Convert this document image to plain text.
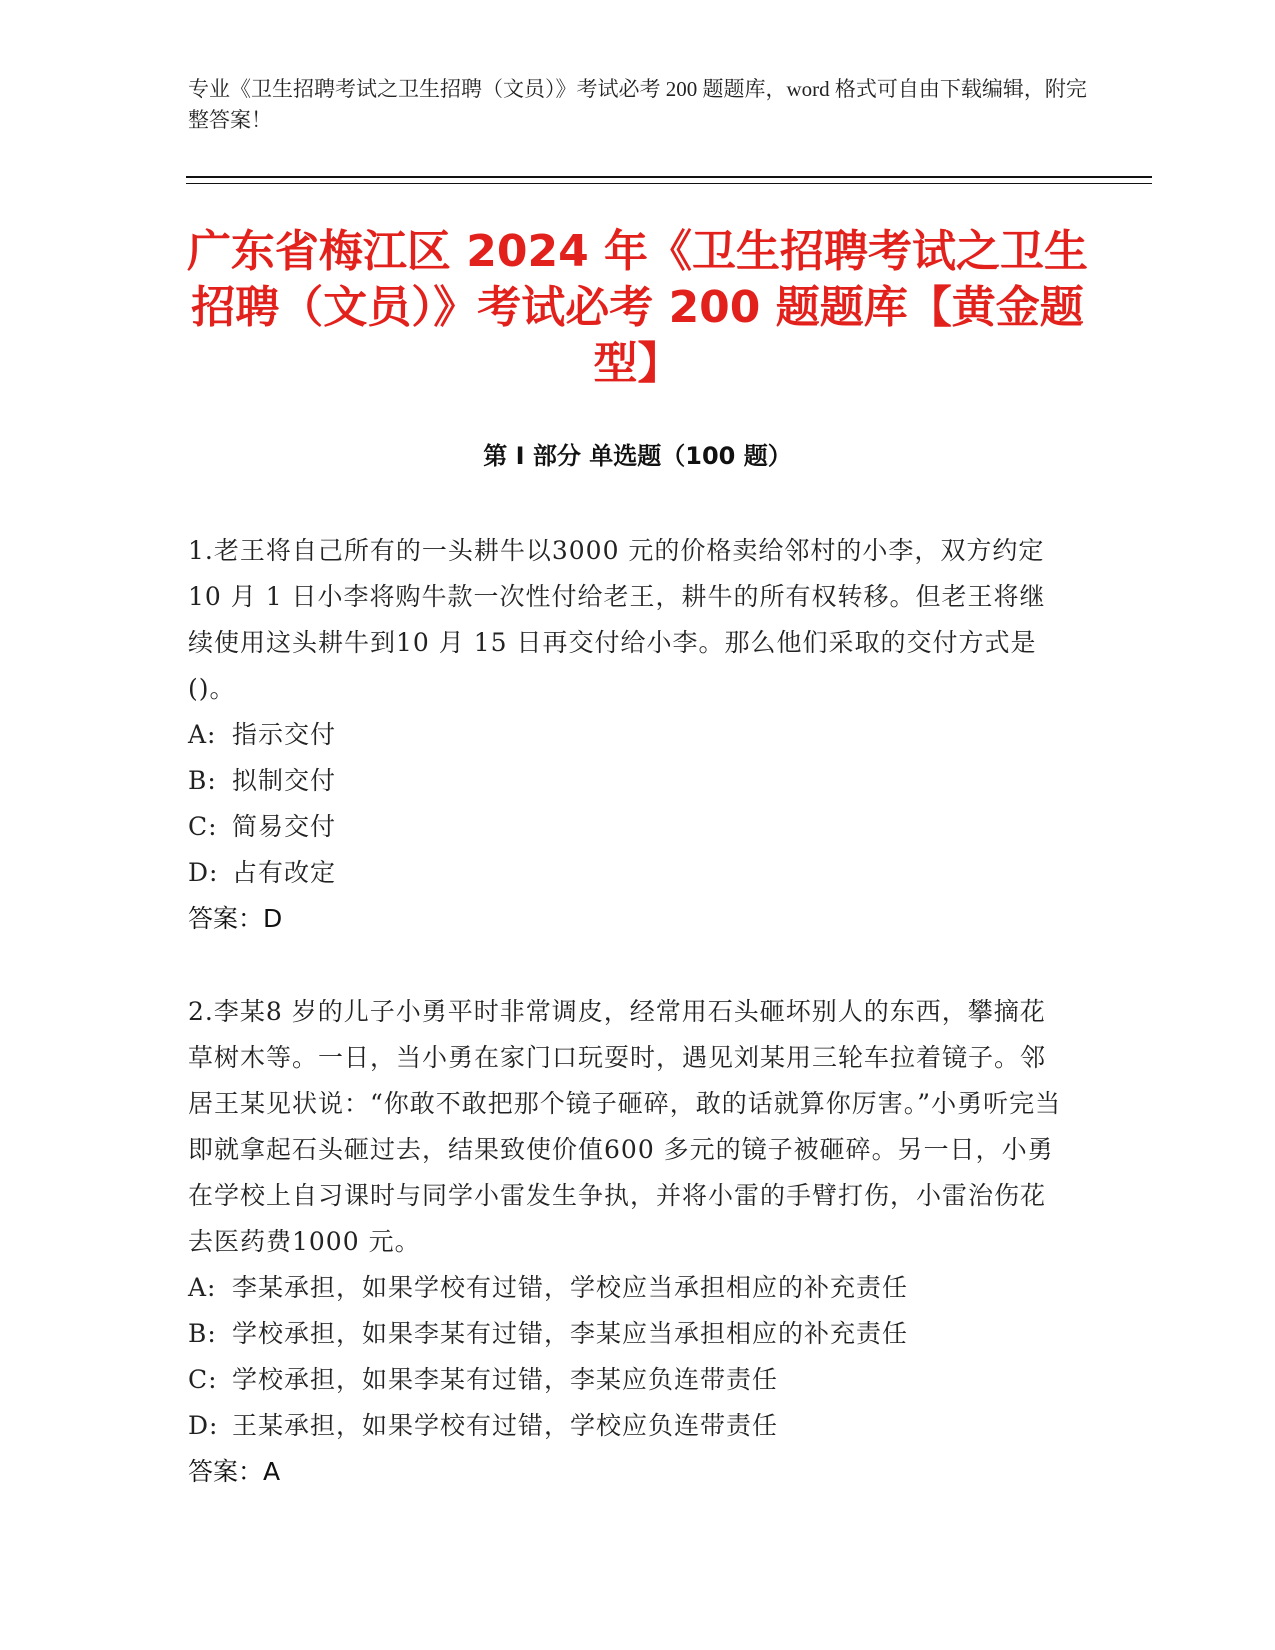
专业《卫生招聘考试之卫生招聘（文员）》考试必考 200 题题库，word 格式可自由下载编辑，附完整答案！
广东省梅江区 2024 年《卫生招聘考试之卫生招聘（文员）》考试必考 200 题题库【黄金题型】
第 I 部分 单选题（100 题）
1.老王将自己所有的一头耕牛以3000 元的价格卖给邻村的小李，双方约定10 月 1 日小李将购牛款一次性付给老王，耕牛的所有权转移。但老王将继续使用这头耕牛到10 月 15 日再交付给小李。那么他们采取的交付方式是()。
A: 指示交付
B: 拟制交付
C: 简易交付
D: 占有改定
答案：D
2.李某8 岁的儿子小勇平时非常调皮，经常用石头砸坏别人的东西，攀摘花草树木等。一日，当小勇在家门口玩耍时，遇见刘某用三轮车拉着镜子。邻居王某见状说：“你敢不敢把那个镜子砸碎，敢的话就算你厉害。”小勇听完当即就拿起石头砸过去，结果致使价值600 多元的镜子被砸碎。另一日，小勇在学校上自习课时与同学小雷发生争执，并将小雷的手臂打伤，小雷治伤花去医药费1000 元。
A: 李某承担，如果学校有过错，学校应当承担相应的补充责任
B: 学校承担，如果李某有过错，李某应当承担相应的补充责任
C: 学校承担，如果李某有过错，李某应负连带责任
D: 王某承担，如果学校有过错，学校应负连带责任
答案：A
